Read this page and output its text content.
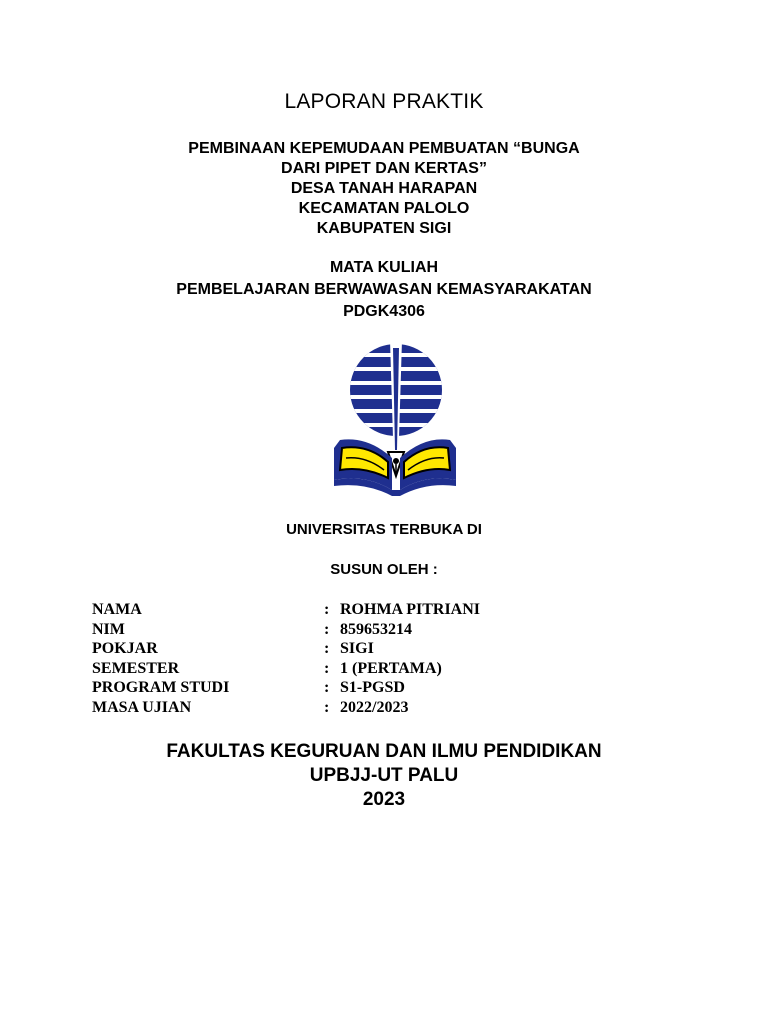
LAPORAN PRAKTIK
PEMBINAAN KEPEMUDAAN PEMBUATAN “BUNGA
DARI PIPET DAN KERTAS”
DESA TANAH HARAPAN
KECAMATAN PALOLO
KABUPATEN SIGI
MATA KULIAH
PEMBELAJARAN BERWAWASAN KEMASYARAKATAN
PDGK4306
UNIVERSITAS TERBUKA DI
SUSUN OLEH :
NAMA	: ROHMA PITRIANI
NIM	: 859653214
POKJAR	: SIGI
SEMESTER	: 1 (PERTAMA)
PROGRAM STUDI	: S1-PGSD
MASA UJIAN	: 2022/2023
FAKULTAS KEGURUAN DAN ILMU PENDIDIKAN
UPBJJ-UT PALU
2023
